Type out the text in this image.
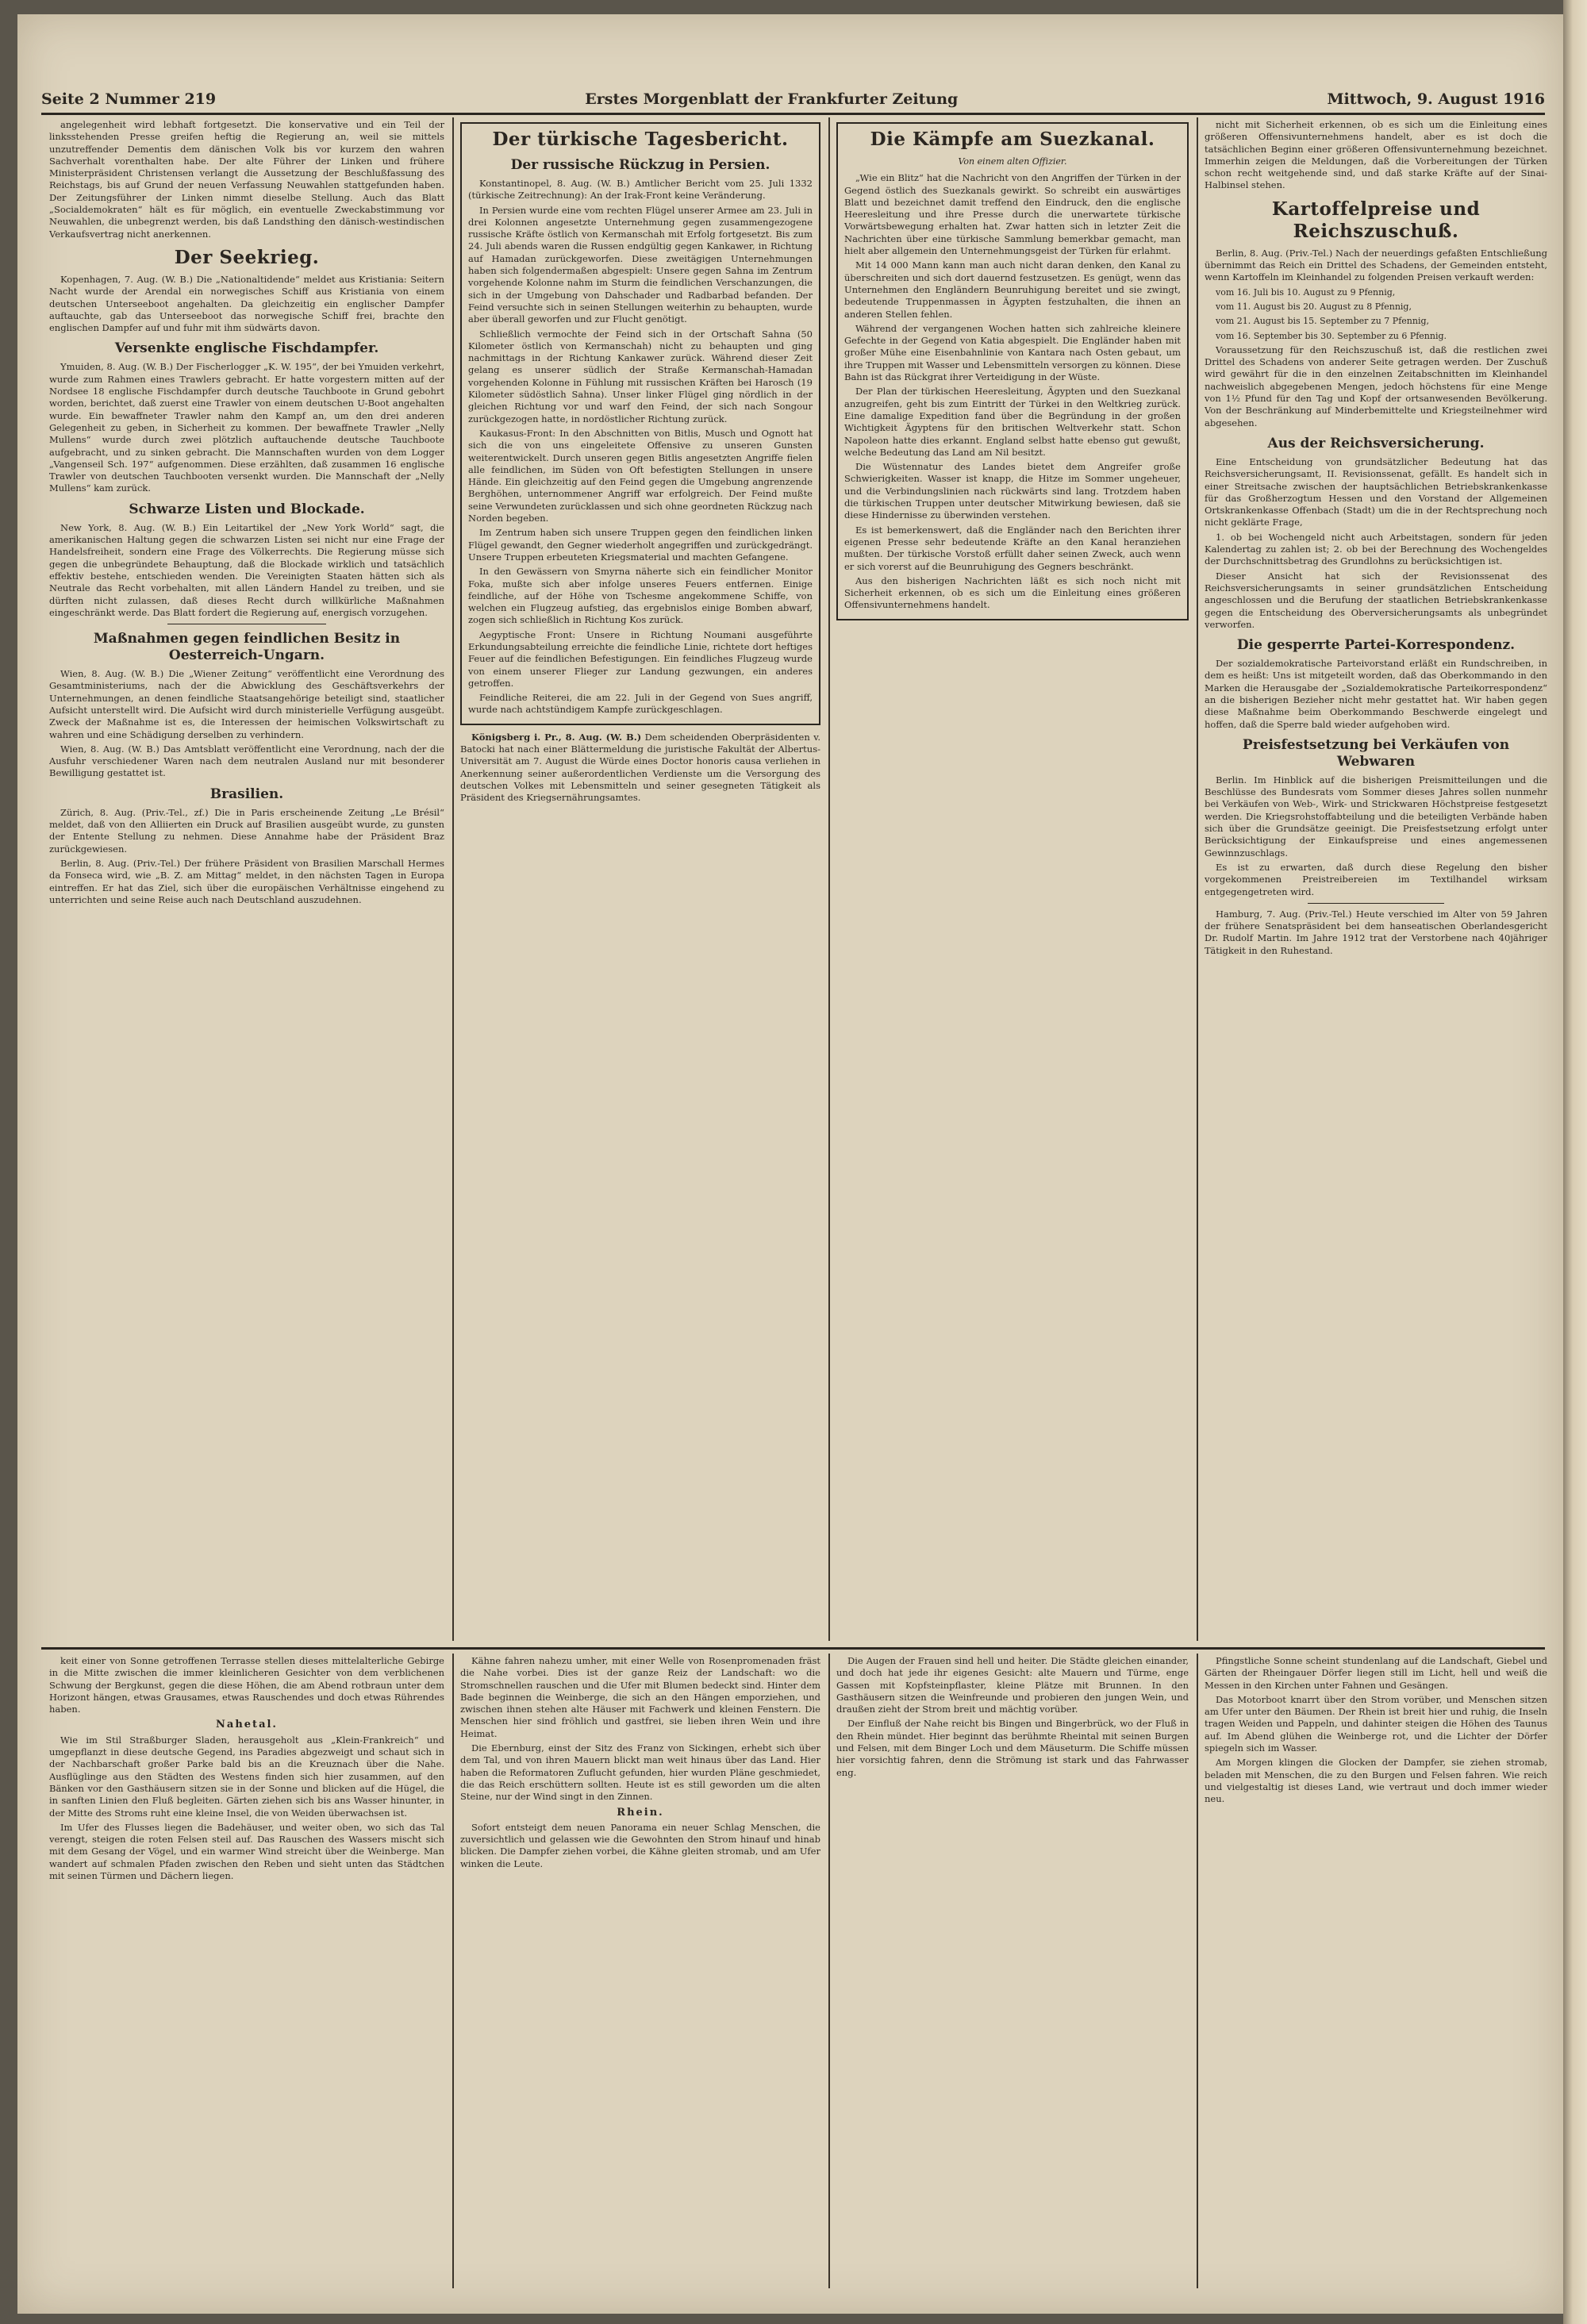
Seite 2 Nummer 219	Erstes Morgenblatt der Frankfurter Zeitung	Mittwoch, 9. August 1916

angelegenheit wird lebhaft fortgesetzt. Die konservative und ein Teil der linksstehenden Presse greifen heftig die Regierung an, weil sie mittels unzutreffender Dementis dem dänischen Volk bis vor kurzem den wahren Sachverhalt vorenthalten habe. Der alte Führer der Linken und frühere Ministerpräsident Christensen verlangt die Aussetzung der Beschlußfassung des Reichstags, bis auf Grund der neuen Verfassung Neuwahlen stattgefunden haben. Der Zeitungsführer der Linken nimmt dieselbe Stellung. Auch das Blatt „Socialdemokraten“ hält es für möglich, ein eventuelle Zweckabstimmung vor Neuwahlen, die unbegrenzt werden, bis daß Landsthing den dänisch-westindischen Verkaufsvertrag nicht anerkennen.

Der Seekrieg.

Kopenhagen, 7. Aug. (W. B.) Die „Nationaltidende“ meldet aus Kristiania: Seitern Nacht wurde der Arendal ein norwegisches Schiff aus Kristiania von einem deutschen Unterseeboot angehalten. Da gleichzeitig ein englischer Dampfer auftauchte, gab das Unterseeboot das norwegische Schiff frei, brachte den englischen Dampfer auf und fuhr mit ihm südwärts davon.

Versenkte englische Fischdampfer.

Ymuiden, 8. Aug. (W. B.) Der Fischerlogger „K. W. 195“, der bei Ymuiden verkehrt, wurde zum Rahmen eines Trawlers gebracht. Er hatte vorgestern mitten auf der Nordsee 18 englische Fischdampfer durch deutsche Tauchboote in Grund gebohrt worden, berichtet, daß zuerst eine Trawler von einem deutschen U-Boot angehalten wurde. Ein bewaffneter Trawler nahm den Kampf an, um den drei anderen Gelegenheit zu geben, in Sicherheit zu kommen. Der bewaffnete Trawler „Nelly Mullens“ wurde durch zwei plötzlich auftauchende deutsche Tauchboote aufgebracht, und zu sinken gebracht. Die Mannschaften wurden von dem Logger „Vangenseil Sch. 197“ aufgenommen. Diese erzählten, daß zusammen 16 englische Trawler von deutschen Tauchbooten versenkt wurden. Die Mannschaft der „Nelly Mullens“ kam zurück.

Schwarze Listen und Blockade.

New York, 8. Aug. (W. B.) Ein Leitartikel der „New York World“ sagt, die amerikanischen Haltung gegen die schwarzen Listen sei nicht nur eine Frage der Handelsfreiheit, sondern eine Frage des Völkerrechts. Die Regierung müsse sich gegen die unbegründete Behauptung, daß die Blockade wirklich und tatsächlich effektiv bestehe, entschieden wenden. Die Vereinigten Staaten hätten sich als Neutrale das Recht vorbehalten, mit allen Ländern Handel zu treiben, und sie dürften nicht zulassen, daß dieses Recht durch willkürliche Maßnahmen eingeschränkt werde. Das Blatt fordert die Regierung auf, energisch vorzugehen.

Maßnahmen gegen feindlichen Besitz in Oesterreich-Ungarn.

Wien, 8. Aug. (W. B.) Die „Wiener Zeitung“ veröffentlicht eine Verordnung des Gesamtministeriums, nach der die Abwicklung des Geschäftsverkehrs der Unternehmungen, an denen feindliche Staatsangehörige beteiligt sind, staatlicher Aufsicht unterstellt wird. Die Aufsicht wird durch ministerielle Verfügung ausgeübt. Zweck der Maßnahme ist es, die Interessen der heimischen Volkswirtschaft zu wahren und eine Schädigung derselben zu verhindern.

Wien, 8. Aug. (W. B.) Das Amtsblatt veröffentlicht eine Verordnung, nach der die Ausfuhr verschiedener Waren nach dem neutralen Ausland nur mit besonderer Bewilligung gestattet ist.

Brasilien.

Zürich, 8. Aug. (Priv.-Tel., zf.) Die in Paris erscheinende Zeitung „Le Brésil“ meldet, daß von den Alliierten ein Druck auf Brasilien ausgeübt wurde, zu gunsten der Entente Stellung zu nehmen. Diese Annahme habe der Präsident Braz zurückgewiesen.

Berlin, 8. Aug. (Priv.-Tel.) Der frühere Präsident von Brasilien Marschall Hermes da Fonseca wird, wie „B. Z. am Mittag“ meldet, in den nächsten Tagen in Europa eintreffen. Er hat das Ziel, sich über die europäischen Verhältnisse eingehend zu unterrichten und seine Reise auch nach Deutschland auszudehnen.

Der türkische Tagesbericht.
Der russische Rückzug in Persien.

Konstantinopel, 8. Aug. (W. B.) Amtlicher Bericht vom 25. Juli 1332 (türkische Zeitrechnung): An der Irak-Front keine Veränderung.

In Persien wurde eine vom rechten Flügel unserer Armee am 23. Juli in drei Kolonnen angesetzte Unternehmung gegen zusammengezogene russische Kräfte östlich von Kermanschah mit Erfolg fortgesetzt. Bis zum 24. Juli abends waren die Russen endgültig gegen Kankawer, in Richtung auf Hamadan zurückgeworfen. Diese zweitägigen Unternehmungen haben sich folgendermaßen abgespielt: Unsere gegen Sahna im Zentrum vorgehende Kolonne nahm im Sturm die feindlichen Verschanzungen, die sich in der Umgebung von Dahschader und Radbarbad befanden. Der Feind versuchte sich in seinen Stellungen weiterhin zu behaupten, wurde aber überall geworfen und zur Flucht genötigt.

Schließlich vermochte der Feind sich in der Ortschaft Sahna (50 Kilometer östlich von Kermanschah) nicht zu behaupten und ging nachmittags in der Richtung Kankawer zurück. Während dieser Zeit gelang es unserer südlich der Straße Kermanschah-Hamadan vorgehenden Kolonne in Fühlung mit russischen Kräften bei Harosch (19 Kilometer südöstlich Sahna). Unser linker Flügel ging nördlich in der gleichen Richtung vor und warf den Feind, der sich nach Songour zurückgezogen hatte, in nordöstlicher Richtung zurück.

Kaukasus-Front: In den Abschnitten von Bitlis, Musch und Ognott hat sich die von uns eingeleitete Offensive zu unseren Gunsten weiterentwickelt. Durch unseren gegen Bitlis angesetzten Angriffe fielen alle feindlichen, im Süden von Oft befestigten Stellungen in unsere Hände. Ein gleichzeitig auf den Feind gegen die Umgebung angrenzende Berghöhen, unternommener Angriff war erfolgreich. Der Feind mußte seine Verwundeten zurücklassen und sich ohne geordneten Rückzug nach Norden begeben.

Im Zentrum haben sich unsere Truppen gegen den feindlichen linken Flügel gewandt, den Gegner wiederholt angegriffen und zurückgedrängt. Unsere Truppen erbeuteten Kriegsmaterial und machten Gefangene.

In den Gewässern von Smyrna näherte sich ein feindlicher Monitor Foka, mußte sich aber infolge unseres Feuers entfernen. Einige feindliche, auf der Höhe von Tschesme angekommene Schiffe, von welchen ein Flugzeug aufstieg, das ergebnislos einige Bomben abwarf, zogen sich schließlich in Richtung Kos zurück.

Aegyptische Front: Unsere in Richtung Noumani ausgeführte Erkundungsabteilung erreichte die feindliche Linie, richtete dort heftiges Feuer auf die feindlichen Befestigungen. Ein feindliches Flugzeug wurde von einem unserer Flieger zur Landung gezwungen, ein anderes getroffen.

Feindliche Reiterei, die am 22. Juli in der Gegend von Sues angriff, wurde nach achtstündigem Kampfe zurückgeschlagen.

Königsberg i. Pr., 8. Aug. (W. B.) Dem scheidenden Oberpräsidenten v. Batocki hat nach einer Blättermeldung die juristische Fakultät der Albertus-Universität am 7. August die Würde eines Doctor honoris causa verliehen in Anerkennung seiner außerordentlichen Verdienste um die Versorgung des deutschen Volkes mit Lebensmitteln und seiner gesegneten Tätigkeit als Präsident des Kriegsernährungsamtes.

Die Kämpfe am Suezkanal.
Von einem alten Offizier.

„Wie ein Blitz“ hat die Nachricht von den Angriffen der Türken in der Gegend östlich des Suezkanals gewirkt. So schreibt ein auswärtiges Blatt und bezeichnet damit treffend den Eindruck, den die englische Heeresleitung und ihre Presse durch die unerwartete türkische Vorwärtsbewegung erhalten hat. Zwar hatten sich in letzter Zeit die Nachrichten über eine türkische Sammlung bemerkbar gemacht, man hielt aber allgemein den Unternehmungsgeist der Türken für erlahmt.

Mit 14 000 Mann kann man auch nicht daran denken, den Kanal zu überschreiten und sich dort dauernd festzusetzen. Es genügt, wenn das Unternehmen den Engländern Beunruhigung bereitet und sie zwingt, bedeutende Truppenmassen in Ägypten festzuhalten, die ihnen an anderen Stellen fehlen.

Während der vergangenen Wochen hatten sich zahlreiche kleinere Gefechte in der Gegend von Katia abgespielt. Die Engländer haben mit großer Mühe eine Eisenbahnlinie von Kantara nach Osten gebaut, um ihre Truppen mit Wasser und Lebensmitteln versorgen zu können. Diese Bahn ist das Rückgrat ihrer Verteidigung in der Wüste.

Der Plan der türkischen Heeresleitung, Ägypten und den Suezkanal anzugreifen, geht bis zum Eintritt der Türkei in den Weltkrieg zurück. Eine damalige Expedition fand über die Begründung in der großen Wichtigkeit Ägyptens für den britischen Weltverkehr statt. Schon Napoleon hatte dies erkannt. England selbst hatte ebenso gut gewußt, welche Bedeutung das Land am Nil besitzt.

Die Wüstennatur des Landes bietet dem Angreifer große Schwierigkeiten. Wasser ist knapp, die Hitze im Sommer ungeheuer, und die Verbindungslinien nach rückwärts sind lang. Trotzdem haben die türkischen Truppen unter deutscher Mitwirkung bewiesen, daß sie diese Hindernisse zu überwinden verstehen.

Es ist bemerkenswert, daß die Engländer nach den Berichten ihrer eigenen Presse sehr bedeutende Kräfte an den Kanal heranziehen mußten. Der türkische Vorstoß erfüllt daher seinen Zweck, auch wenn er sich vorerst auf die Beunruhigung des Gegners beschränkt.

Aus den bisherigen Nachrichten läßt es sich noch nicht mit Sicherheit erkennen, ob es sich um die Einleitung eines größeren Offensivunternehmens handelt.

nicht mit Sicherheit erkennen, ob es sich um die Einleitung eines größeren Offensivunternehmens handelt, aber es ist doch die tatsächlichen Beginn einer größeren Offensivunternehmung bezeichnet. Immerhin zeigen die Meldungen, daß die Vorbereitungen der Türken schon recht weitgehende sind, und daß starke Kräfte auf der Sinai-Halbinsel stehen.

Kartoffelpreise und Reichszuschuß.

Berlin, 8. Aug. (Priv.-Tel.) Nach der neuerdings gefaßten Entschließung übernimmt das Reich ein Drittel des Schadens, der Gemeinden entsteht, wenn Kartoffeln im Kleinhandel zu folgenden Preisen verkauft werden:

vom 16. Juli bis 10. August zu 9 Pfennig,

vom 11. August bis 20. August zu 8 Pfennig,

vom 21. August bis 15. September zu 7 Pfennig,

vom 16. September bis 30. September zu 6 Pfennig.

Voraussetzung für den Reichszuschuß ist, daß die restlichen zwei Drittel des Schadens von anderer Seite getragen werden. Der Zuschuß wird gewährt für die in den einzelnen Zeitabschnitten im Kleinhandel nachweislich abgegebenen Mengen, jedoch höchstens für eine Menge von 1½ Pfund für den Tag und Kopf der ortsanwesenden Bevölkerung. Von der Beschränkung auf Minderbemittelte und Kriegsteilnehmer wird abgesehen.

Aus der Reichsversicherung.

Eine Entscheidung von grundsätzlicher Bedeutung hat das Reichsversicherungsamt, II. Revisionssenat, gefällt. Es handelt sich in einer Streitsache zwischen der hauptsächlichen Betriebskrankenkasse für das Großherzogtum Hessen und den Vorstand der Allgemeinen Ortskrankenkasse Offenbach (Stadt) um die in der Rechtsprechung noch nicht geklärte Frage,

1. ob bei Wochengeld nicht auch Arbeitstagen, sondern für jeden Kalendertag zu zahlen ist; 2. ob bei der Berechnung des Wochengeldes der Durchschnittsbetrag des Grundlohns zu berücksichtigen ist.

Dieser Ansicht hat sich der Revisionssenat des Reichsversicherungsamts in seiner grundsätzlichen Entscheidung angeschlossen und die Berufung der staatlichen Betriebskrankenkasse gegen die Entscheidung des Oberversicherungsamts als unbegründet verworfen.

Die gesperrte Partei-Korrespondenz.

Der sozialdemokratische Parteivorstand erläßt ein Rundschreiben, in dem es heißt: Uns ist mitgeteilt worden, daß das Oberkommando in den Marken die Herausgabe der „Sozialdemokratische Parteikorrespondenz“ an die bisherigen Bezieher nicht mehr gestattet hat. Wir haben gegen diese Maßnahme beim Oberkommando Beschwerde eingelegt und hoffen, daß die Sperre bald wieder aufgehoben wird.

Preisfestsetzung bei Verkäufen von Webwaren

Berlin. Im Hinblick auf die bisherigen Preismitteilungen und die Beschlüsse des Bundesrats vom Sommer dieses Jahres sollen nunmehr bei Verkäufen von Web-, Wirk- und Strickwaren Höchstpreise festgesetzt werden. Die Kriegsrohstoffabteilung und die beteiligten Verbände haben sich über die Grundsätze geeinigt. Die Preisfestsetzung erfolgt unter Berücksichtigung der Einkaufspreise und eines angemessenen Gewinnzuschlags.

Es ist zu erwarten, daß durch diese Regelung den bisher vorgekommenen Preistreibereien im Textilhandel wirksam entgegengetreten wird.

Hamburg, 7. Aug. (Priv.-Tel.) Heute verschied im Alter von 59 Jahren der frühere Senatspräsident bei dem hanseatischen Oberlandesgericht Dr. Rudolf Martin. Im Jahre 1912 trat der Verstorbene nach 40jähriger Tätigkeit in den Ruhestand.

keit einer von Sonne getroffenen Terrasse stellen dieses mittelalterliche Gebirge in die Mitte zwischen die immer kleinlicheren Gesichter von dem verblichenen Schwung der Bergkunst, gegen die diese Höhen, die am Abend rotbraun unter dem Horizont hängen, etwas Grausames, etwas Rauschendes und doch etwas Rührendes haben.

Nahetal.

Wie im Stil Straßburger Sladen, herausgeholt aus „Klein-Frankreich“ und umgepflanzt in diese deutsche Gegend, ins Paradies abgezweigt und schaut sich in der Nachbarschaft großer Parke bald bis an die Kreuznach über die Nahe. Ausflüglinge aus den Städten des Westens finden sich hier zusammen, auf den Bänken vor den Gasthäusern sitzen sie in der Sonne und blicken auf die Hügel, die in sanften Linien den Fluß begleiten. Gärten ziehen sich bis ans Wasser hinunter, in der Mitte des Stroms ruht eine kleine Insel, die von Weiden überwachsen ist.

Im Ufer des Flusses liegen die Badehäuser, und weiter oben, wo sich das Tal verengt, steigen die roten Felsen steil auf. Das Rauschen des Wassers mischt sich mit dem Gesang der Vögel, und ein warmer Wind streicht über die Weinberge. Man wandert auf schmalen Pfaden zwischen den Reben und sieht unten das Städtchen mit seinen Türmen und Dächern liegen.

Kähne fahren nahezu umher, mit einer Welle von Rosenpromenaden fräst die Nahe vorbei. Dies ist der ganze Reiz der Landschaft: wo die Stromschnellen rauschen und die Ufer mit Blumen bedeckt sind. Hinter dem Bade beginnen die Weinberge, die sich an den Hängen emporziehen, und zwischen ihnen stehen alte Häuser mit Fachwerk und kleinen Fenstern. Die Menschen hier sind fröhlich und gastfrei, sie lieben ihren Wein und ihre Heimat.

Die Ebernburg, einst der Sitz des Franz von Sickingen, erhebt sich über dem Tal, und von ihren Mauern blickt man weit hinaus über das Land. Hier haben die Reformatoren Zuflucht gefunden, hier wurden Pläne geschmiedet, die das Reich erschüttern sollten. Heute ist es still geworden um die alten Steine, nur der Wind singt in den Zinnen.

Rhein.

Sofort entsteigt dem neuen Panorama ein neuer Schlag Menschen, die zuversichtlich und gelassen wie die Gewohnten den Strom hinauf und hinab blicken. Die Dampfer ziehen vorbei, die Kähne gleiten stromab, und am Ufer winken die Leute.

Die Augen der Frauen sind hell und heiter. Die Städte gleichen einander, und doch hat jede ihr eigenes Gesicht: alte Mauern und Türme, enge Gassen mit Kopfsteinpflaster, kleine Plätze mit Brunnen. In den Gasthäusern sitzen die Weinfreunde und probieren den jungen Wein, und draußen zieht der Strom breit und mächtig vorüber.

Der Einfluß der Nahe reicht bis Bingen und Bingerbrück, wo der Fluß in den Rhein mündet. Hier beginnt das berühmte Rheintal mit seinen Burgen und Felsen, mit dem Binger Loch und dem Mäuseturm. Die Schiffe müssen hier vorsichtig fahren, denn die Strömung ist stark und das Fahrwasser eng.

Pfingstliche Sonne scheint stundenlang auf die Landschaft, Giebel und Gärten der Rheingauer Dörfer liegen still im Licht, hell und weiß die Messen in den Kirchen unter Fahnen und Gesängen.

Das Motorboot knarrt über den Strom vorüber, und Menschen sitzen am Ufer unter den Bäumen. Der Rhein ist breit hier und ruhig, die Inseln tragen Weiden und Pappeln, und dahinter steigen die Höhen des Taunus auf. Im Abend glühen die Weinberge rot, und die Lichter der Dörfer spiegeln sich im Wasser.

Am Morgen klingen die Glocken der Dampfer, sie ziehen stromab, beladen mit Menschen, die zu den Burgen und Felsen fahren. Wie reich und vielgestaltig ist dieses Land, wie vertraut und doch immer wieder neu.
